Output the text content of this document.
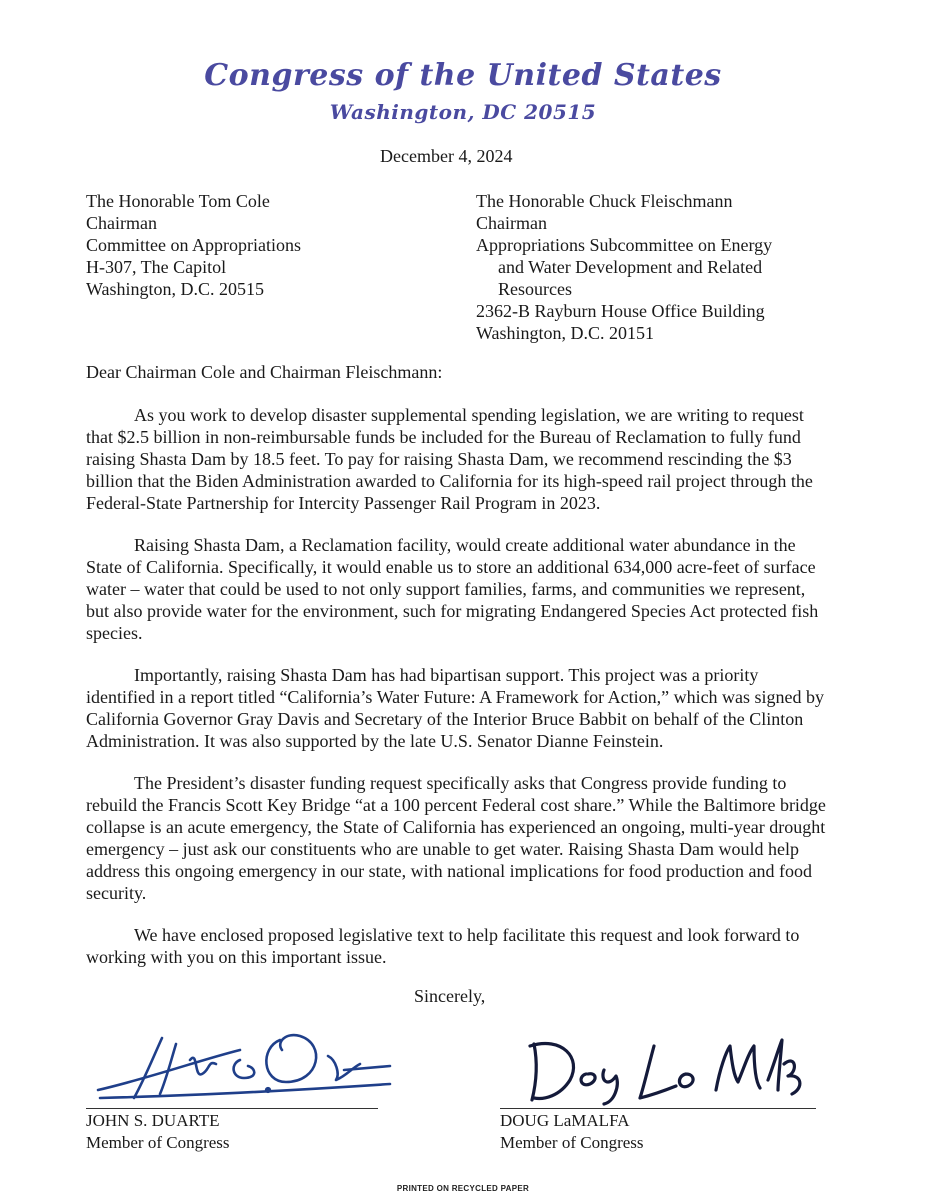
Congress of the United States
Washington, DC 20515
December 4, 2024
The Honorable Tom Cole
Chairman
Committee on Appropriations
H-307, The Capitol
Washington, D.C. 20515
The Honorable Chuck Fleischmann
Chairman
Appropriations Subcommittee on Energy
and Water Development and Related
Resources
2362-B Rayburn House Office Building
Washington, D.C. 20151
Dear Chairman Cole and Chairman Fleischmann:

As you work to develop disaster supplemental spending legislation, we are writing to request that $2.5 billion in non-reimbursable funds be included for the Bureau of Reclamation to fully fund raising Shasta Dam by 18.5 feet. To pay for raising Shasta Dam, we recommend rescinding the $3 billion that the Biden Administration awarded to California for its high-speed rail project through the Federal-State Partnership for Intercity Passenger Rail Program in 2023.

Raising Shasta Dam, a Reclamation facility, would create additional water abundance in the State of California. Specifically, it would enable us to store an additional 634,000 acre-feet of surface water – water that could be used to not only support families, farms, and communities we represent, but also provide water for the environment, such for migrating Endangered Species Act protected fish species.

Importantly, raising Shasta Dam has had bipartisan support. This project was a priority identified in a report titled “California’s Water Future: A Framework for Action,” which was signed by California Governor Gray Davis and Secretary of the Interior Bruce Babbit on behalf of the Clinton Administration. It was also supported by the late U.S. Senator Dianne Feinstein.

The President’s disaster funding request specifically asks that Congress provide funding to rebuild the Francis Scott Key Bridge “at a 100 percent Federal cost share.” While the Baltimore bridge collapse is an acute emergency, the State of California has experienced an ongoing, multi-year drought emergency – just ask our constituents who are unable to get water. Raising Shasta Dam would help address this ongoing emergency in our state, with national implications for food production and food security.

We have enclosed proposed legislative text to help facilitate this request and look forward to working with you on this important issue.

Sincerely,
JOHN S. DUARTE
Member of Congress
DOUG LaMALFA
Member of Congress
PRINTED ON RECYCLED PAPER
